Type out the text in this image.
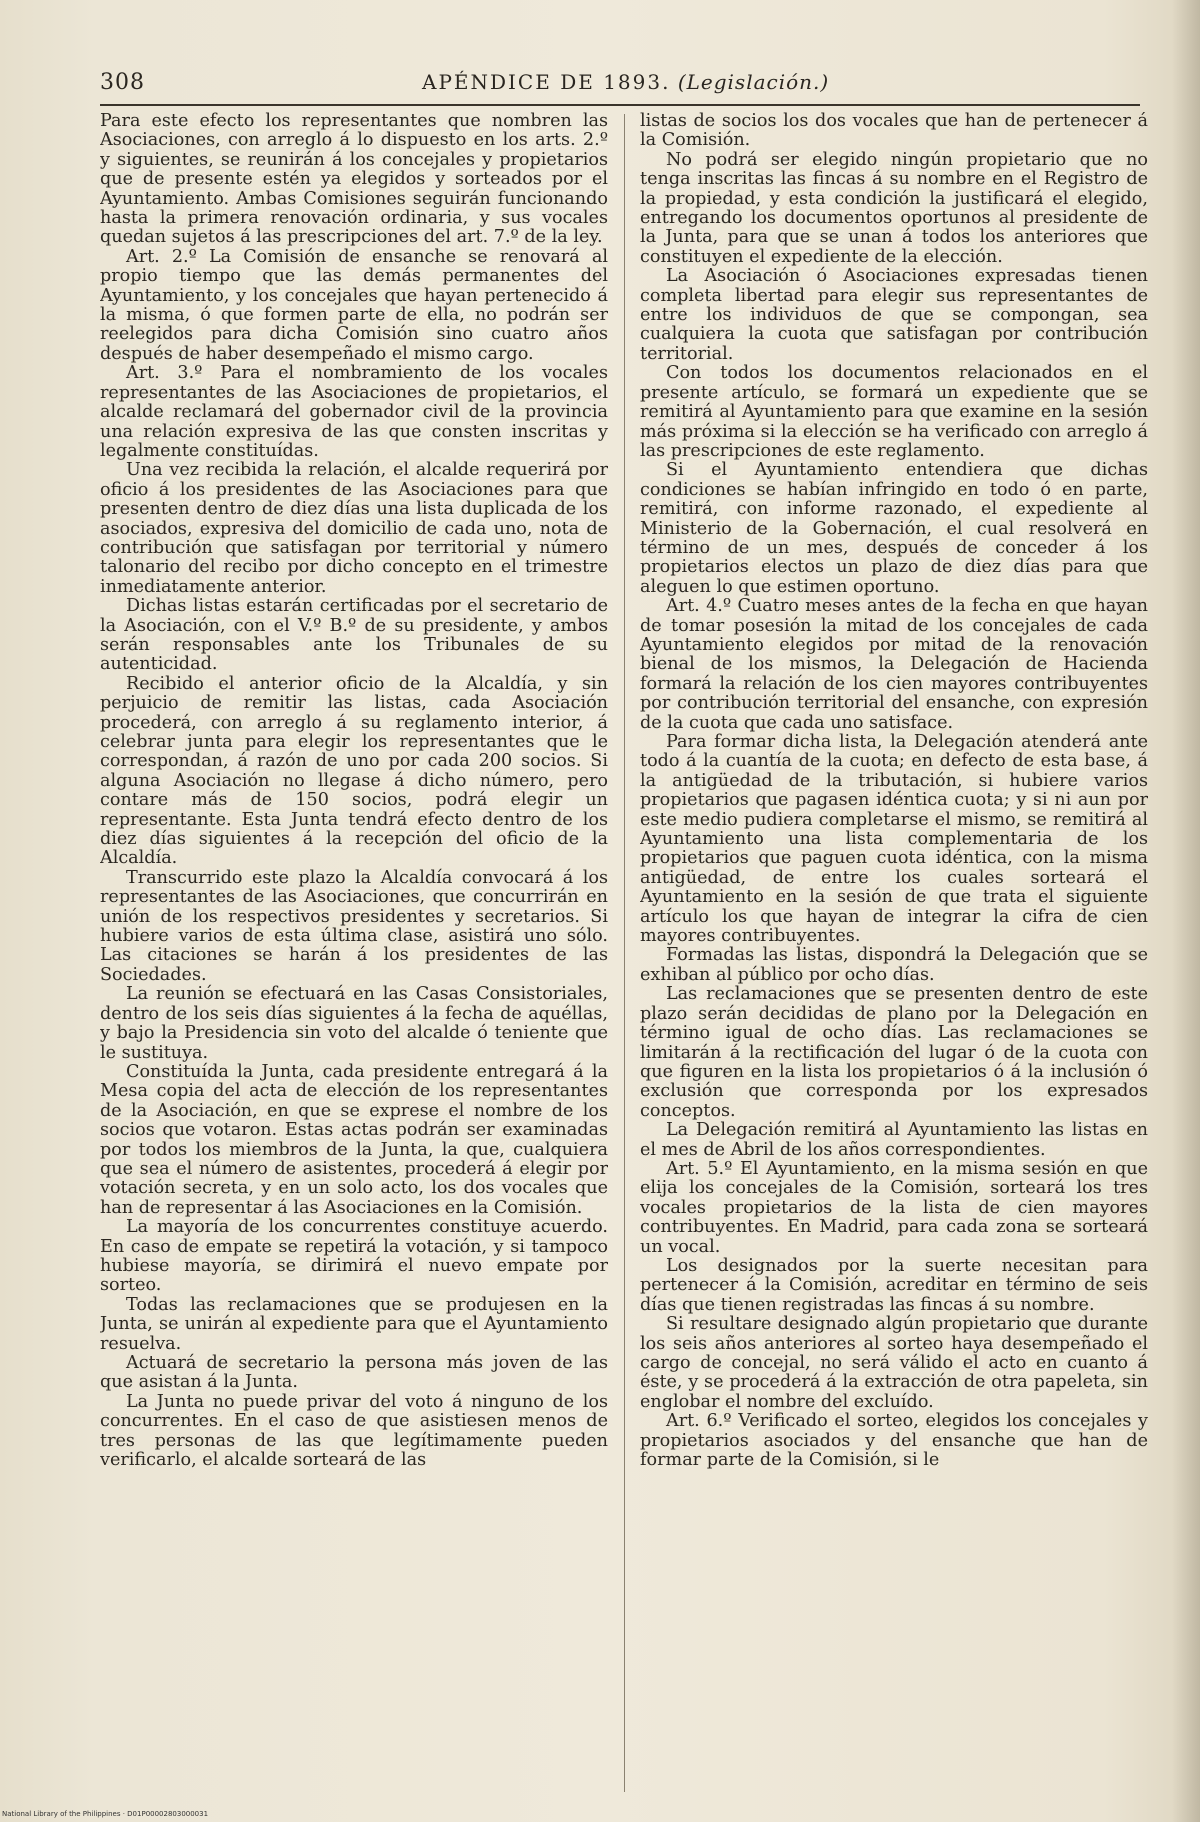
308	APÉNDICE DE 1893. (Legislación.)

Para este efecto los representantes que nombren las Asociaciones, con arreglo á lo dispuesto en los arts. 2.º y siguientes, se reunirán á los concejales y propietarios que de presente estén ya elegidos y sorteados por el Ayuntamiento. Ambas Comisiones seguirán funcionando hasta la primera renovación ordinaria, y sus vocales quedan sujetos á las prescripciones del art. 7.º de la ley.

Art. 2.º La Comisión de ensanche se renovará al propio tiempo que las demás permanentes del Ayuntamiento, y los concejales que hayan pertenecido á la misma, ó que formen parte de ella, no podrán ser reelegidos para dicha Comisión sino cuatro años después de haber desempeñado el mismo cargo.

Art. 3.º Para el nombramiento de los vocales representantes de las Asociaciones de propietarios, el alcalde reclamará del gobernador civil de la provincia una relación expresiva de las que consten inscritas y legalmente constituídas.

Una vez recibida la relación, el alcalde requerirá por oficio á los presidentes de las Asociaciones para que presenten dentro de diez días una lista duplicada de los asociados, expresiva del domicilio de cada uno, nota de contribución que satisfagan por territorial y número talonario del recibo por dicho concepto en el trimestre inmediatamente anterior.

Dichas listas estarán certificadas por el secretario de la Asociación, con el V.º B.º de su presidente, y ambos serán responsables ante los Tribunales de su autenticidad.

Recibido el anterior oficio de la Alcaldía, y sin perjuicio de remitir las listas, cada Asociación procederá, con arreglo á su reglamento interior, á celebrar junta para elegir los representantes que le correspondan, á razón de uno por cada 200 socios. Si alguna Asociación no llegase á dicho número, pero contare más de 150 socios, podrá elegir un representante. Esta Junta tendrá efecto dentro de los diez días siguientes á la recepción del oficio de la Alcaldía.

Transcurrido este plazo la Alcaldía convocará á los representantes de las Asociaciones, que concurrirán en unión de los respectivos presidentes y secretarios. Si hubiere varios de esta última clase, asistirá uno sólo. Las citaciones se harán á los presidentes de las Sociedades.

La reunión se efectuará en las Casas Consistoriales, dentro de los seis días siguientes á la fecha de aquéllas, y bajo la Presidencia sin voto del alcalde ó teniente que le sustituya.

Constituída la Junta, cada presidente entregará á la Mesa copia del acta de elección de los representantes de la Asociación, en que se exprese el nombre de los socios que votaron. Estas actas podrán ser examinadas por todos los miembros de la Junta, la que, cualquiera que sea el número de asistentes, procederá á elegir por votación secreta, y en un solo acto, los dos vocales que han de representar á las Asociaciones en la Comisión.

La mayoría de los concurrentes constituye acuerdo. En caso de empate se repetirá la votación, y si tampoco hubiese mayoría, se dirimirá el nuevo empate por sorteo.

Todas las reclamaciones que se produjesen en la Junta, se unirán al expediente para que el Ayuntamiento resuelva.

Actuará de secretario la persona más joven de las que asistan á la Junta.

La Junta no puede privar del voto á ninguno de los concurrentes. En el caso de que asistiesen menos de tres personas de las que legítimamente pueden verificarlo, el alcalde sorteará de las

listas de socios los dos vocales que han de pertenecer á la Comisión.

No podrá ser elegido ningún propietario que no tenga inscritas las fincas á su nombre en el Registro de la propiedad, y esta condición la justificará el elegido, entregando los documentos oportunos al presidente de la Junta, para que se unan á todos los anteriores que constituyen el expediente de la elección.

La Asociación ó Asociaciones expresadas tienen completa libertad para elegir sus representantes de entre los individuos de que se compongan, sea cualquiera la cuota que satisfagan por contribución territorial.

Con todos los documentos relacionados en el presente artículo, se formará un expediente que se remitirá al Ayuntamiento para que examine en la sesión más próxima si la elección se ha verificado con arreglo á las prescripciones de este reglamento.

Si el Ayuntamiento entendiera que dichas condiciones se habían infringido en todo ó en parte, remitirá, con informe razonado, el expediente al Ministerio de la Gobernación, el cual resolverá en término de un mes, después de conceder á los propietarios electos un plazo de diez días para que aleguen lo que estimen oportuno.

Art. 4.º Cuatro meses antes de la fecha en que hayan de tomar posesión la mitad de los concejales de cada Ayuntamiento elegidos por mitad de la renovación bienal de los mismos, la Delegación de Hacienda formará la relación de los cien mayores contribuyentes por contribución territorial del ensanche, con expresión de la cuota que cada uno satisface.

Para formar dicha lista, la Delegación atenderá ante todo á la cuantía de la cuota; en defecto de esta base, á la antigüedad de la tributación, si hubiere varios propietarios que pagasen idéntica cuota; y si ni aun por este medio pudiera completarse el mismo, se remitirá al Ayuntamiento una lista complementaria de los propietarios que paguen cuota idéntica, con la misma antigüedad, de entre los cuales sorteará el Ayuntamiento en la sesión de que trata el siguiente artículo los que hayan de integrar la cifra de cien mayores contribuyentes.

Formadas las listas, dispondrá la Delegación que se exhiban al público por ocho días.

Las reclamaciones que se presenten dentro de este plazo serán decididas de plano por la Delegación en término igual de ocho días. Las reclamaciones se limitarán á la rectificación del lugar ó de la cuota con que figuren en la lista los propietarios ó á la inclusión ó exclusión que corresponda por los expresados conceptos.

La Delegación remitirá al Ayuntamiento las listas en el mes de Abril de los años correspondientes.

Art. 5.º El Ayuntamiento, en la misma sesión en que elija los concejales de la Comisión, sorteará los tres vocales propietarios de la lista de cien mayores contribuyentes. En Madrid, para cada zona se sorteará un vocal.

Los designados por la suerte necesitan para pertenecer á la Comisión, acreditar en término de seis días que tienen registradas las fincas á su nombre.

Si resultare designado algún propietario que durante los seis años anteriores al sorteo haya desempeñado el cargo de concejal, no será válido el acto en cuanto á éste, y se procederá á la extracción de otra papeleta, sin englobar el nombre del excluído.

Art. 6.º Verificado el sorteo, elegidos los concejales y propietarios asociados y del ensanche que han de formar parte de la Comisión, si le

National Library of the Philippines · D01P00002803000031
